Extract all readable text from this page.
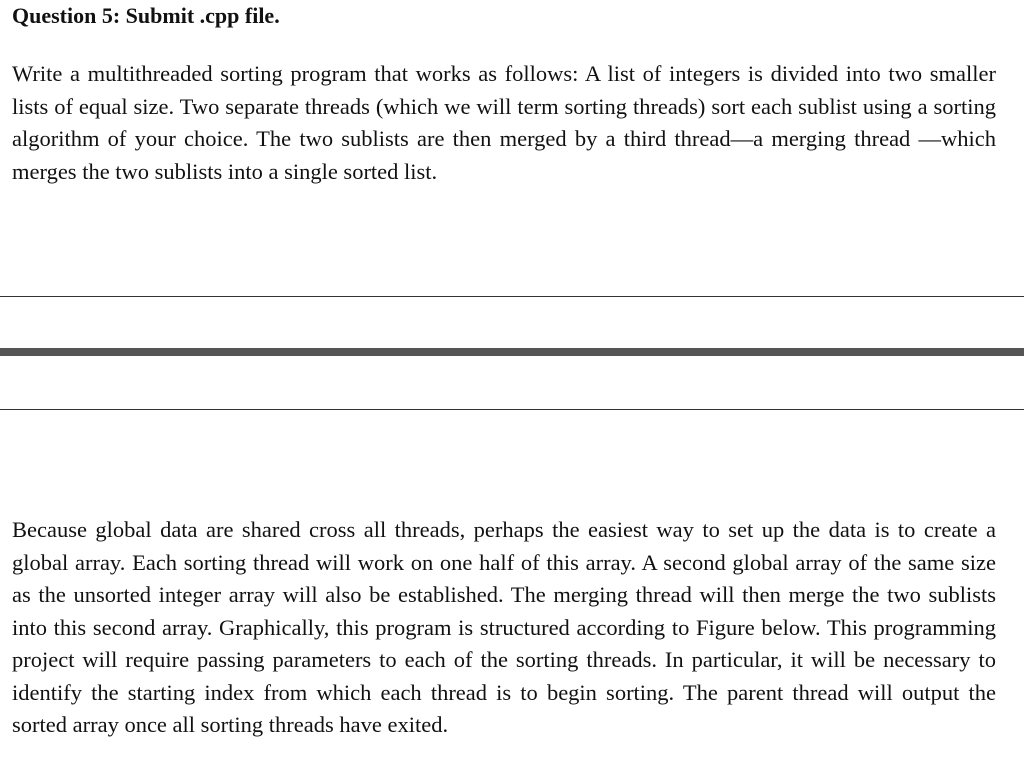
Question 5: Submit .cpp file.

Write a multithreaded sorting program that works as follows: A list of integers is divided into two smaller lists of equal size. Two separate threads (which we will term sorting threads) sort each sublist using a sorting algorithm of your choice. The two sublists are then merged by a third thread—a merging thread —which merges the two sublists into a single sorted list.

Because global data are shared cross all threads, perhaps the easiest way to set up the data is to create a global array. Each sorting thread will work on one half of this array. A second global array of the same size as the unsorted integer array will also be established. The merging thread will then merge the two sublists into this second array. Graphically, this program is structured according to Figure below. This programming project will require passing parameters to each of the sorting threads. In particular, it will be necessary to identify the starting index from which each thread is to begin sorting. The parent thread will output the sorted array once all sorting threads have exited.
